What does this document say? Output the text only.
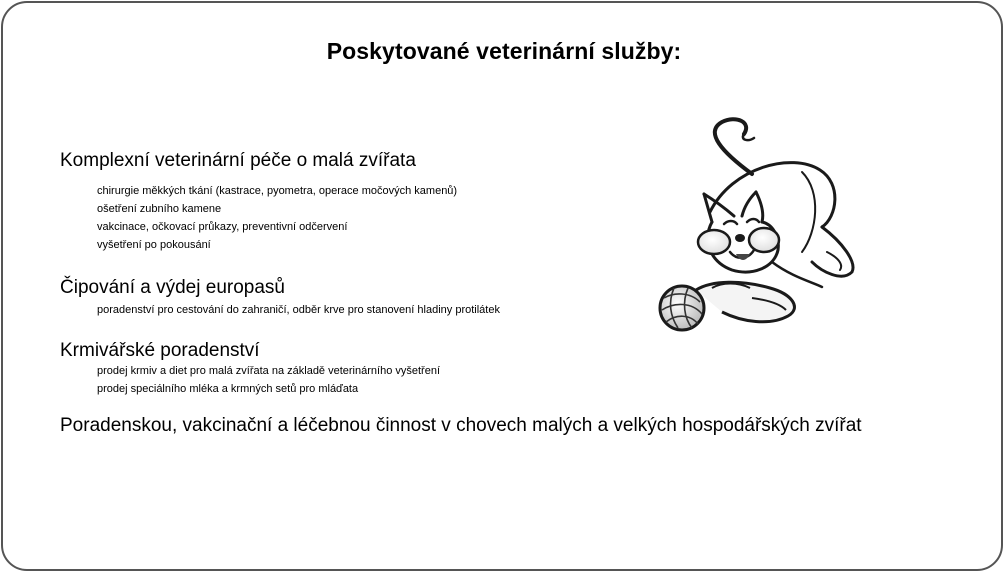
Poskytované veterinární služby:
Komplexní veterinární péče o malá zvířata
chirurgie měkkých tkání (kastrace, pyometra, operace močových kamenů)
ošetření zubního kamene
vakcinace, očkovací průkazy, preventivní odčervení
vyšetření po pokousání
Čipování a výdej europasů
poradenství pro cestování do zahraničí, odběr krve pro stanovení hladiny protilátek
Krmivářské poradenství
prodej krmiv a diet pro malá zvířata na základě veterinárního vyšetření
prodej speciálního mléka a krmných setů pro mláďata
Poradenskou, vakcinační a léčebnou činnost v chovech malých a velkých hospodářských zvířat
